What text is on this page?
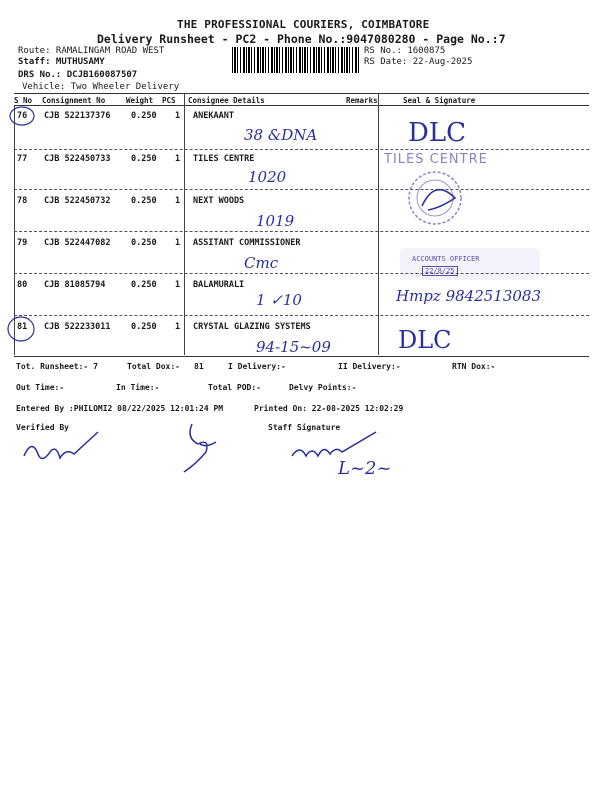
THE PROFESSIONAL COURIERS, COIMBATORE
Delivery Runsheet - PC2 - Phone No.:9047080280 - Page No.:7
Route: RAMALINGAM ROAD WEST
Staff: MUTHUSAMY
DRS No.: DCJB160087507
Vehicle: Two Wheeler Delivery
RS No.: 1600875
RS Date: 22-Aug-2025
S No Consignment No	Weight PCS Consignee Details	Remarks	Seal & Signature
76 CJB 522137376 0.250 1 ANEKAANT
38 &DNA	DLC
77 CJB 522450733 0.250 1 TILES CENTRE
1020
78 CJB 522450732 0.250 1 NEXT WOODS
1019
79 CJB 522447082 0.250 1 ASSITANT COMMISSIONER
Cmc
80 CJB 81085794	0.250 1 BALAMURALI
1 ✓10	Hmpz 9842513083
81 CJB 522233011 0.250 1 CRYSTAL GLAZING SYSTEMS
94-15~09	DLC
TILES CENTRE
ACCOUNTS OFFICER
22/8/25
Tot. Runsheet:- 7	Total Dox:- 81	I Delivery:-	II Delivery:-	RTN Dox:-
Out Time:-	In Time:-	Total POD:-	Delvy Points:-
Entered By :PHILOMI2 08/22/2025 12:01:24 PM	Printed On: 22-08-2025 12:02:29
Verified By	Staff Signature
L~2~
